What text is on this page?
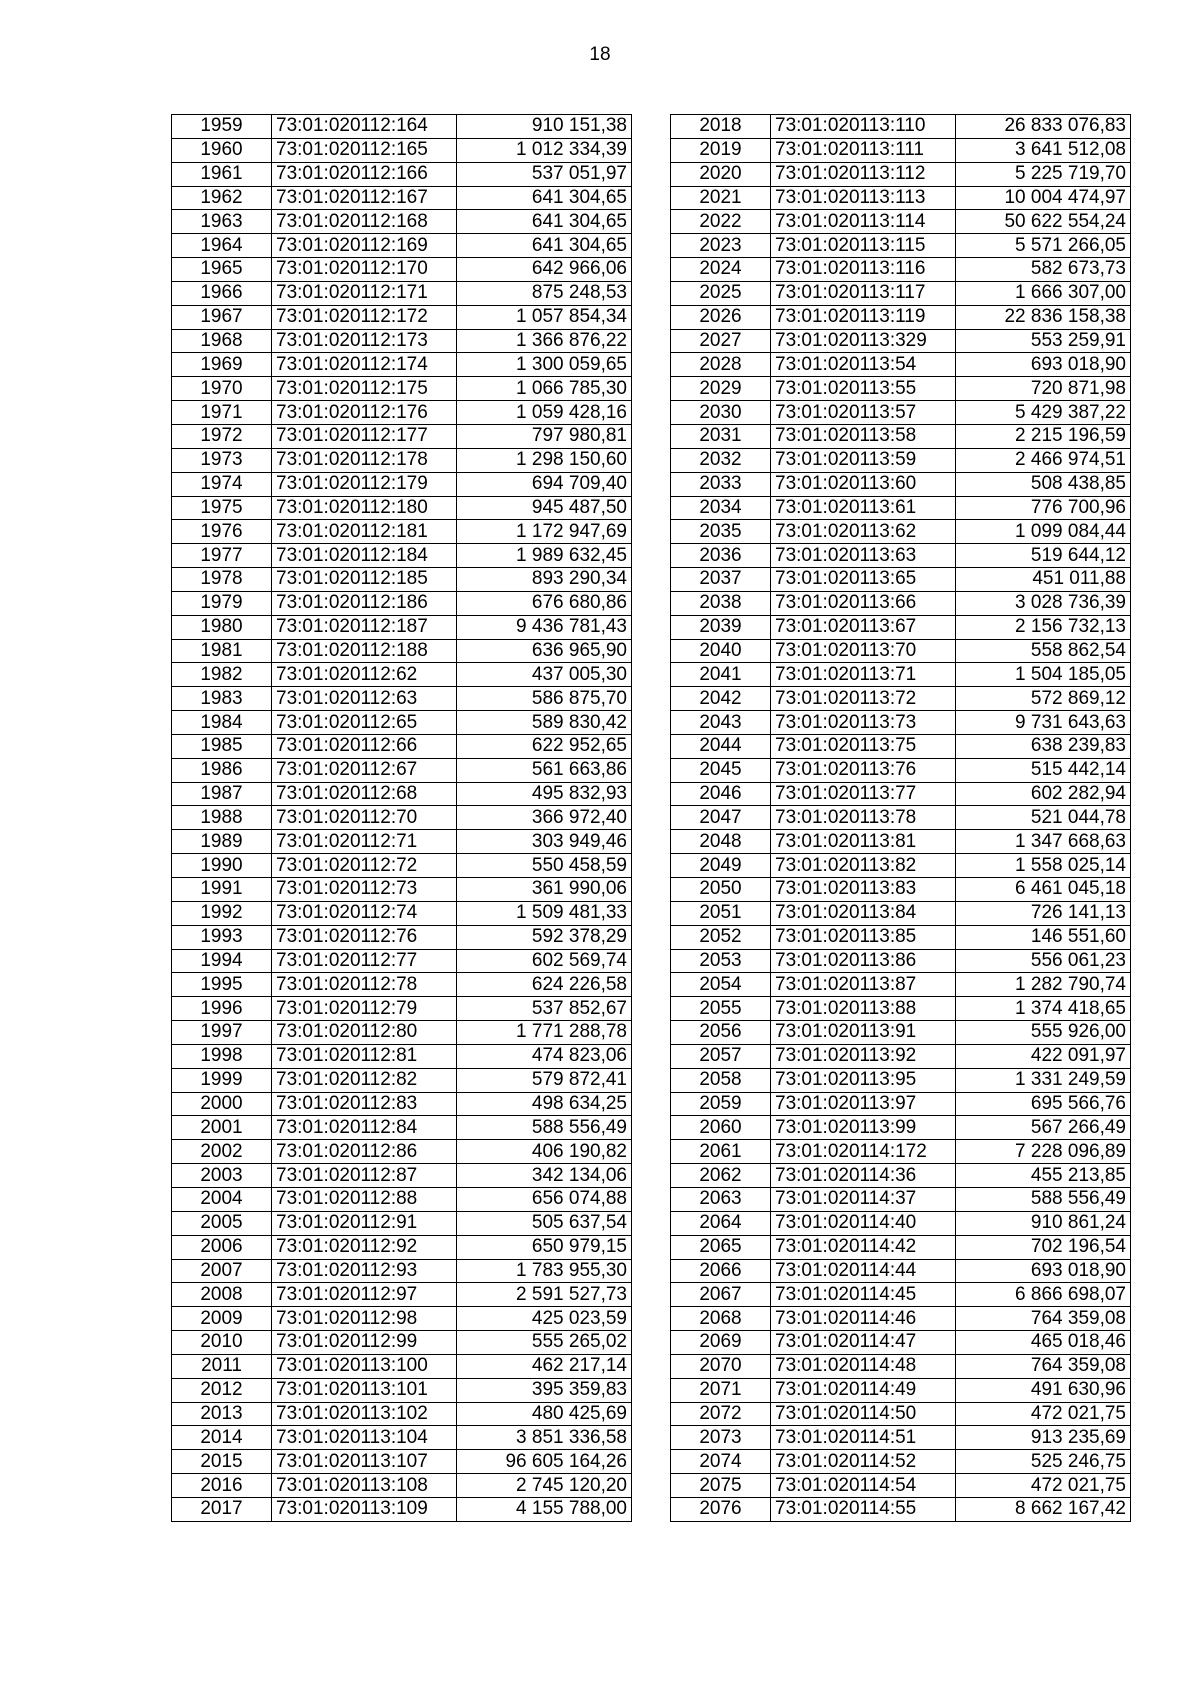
18
1959	73:01:020112:164	910 151,38
1960	73:01:020112:165	1 012 334,39
1961	73:01:020112:166	537 051,97
1962	73:01:020112:167	641 304,65
1963	73:01:020112:168	641 304,65
1964	73:01:020112:169	641 304,65
1965	73:01:020112:170	642 966,06
1966	73:01:020112:171	875 248,53
1967	73:01:020112:172	1 057 854,34
1968	73:01:020112:173	1 366 876,22
1969	73:01:020112:174	1 300 059,65
1970	73:01:020112:175	1 066 785,30
1971	73:01:020112:176	1 059 428,16
1972	73:01:020112:177	797 980,81
1973	73:01:020112:178	1 298 150,60
1974	73:01:020112:179	694 709,40
1975	73:01:020112:180	945 487,50
1976	73:01:020112:181	1 172 947,69
1977	73:01:020112:184	1 989 632,45
1978	73:01:020112:185	893 290,34
1979	73:01:020112:186	676 680,86
1980	73:01:020112:187	9 436 781,43
1981	73:01:020112:188	636 965,90
1982	73:01:020112:62	437 005,30
1983	73:01:020112:63	586 875,70
1984	73:01:020112:65	589 830,42
1985	73:01:020112:66	622 952,65
1986	73:01:020112:67	561 663,86
1987	73:01:020112:68	495 832,93
1988	73:01:020112:70	366 972,40
1989	73:01:020112:71	303 949,46
1990	73:01:020112:72	550 458,59
1991	73:01:020112:73	361 990,06
1992	73:01:020112:74	1 509 481,33
1993	73:01:020112:76	592 378,29
1994	73:01:020112:77	602 569,74
1995	73:01:020112:78	624 226,58
1996	73:01:020112:79	537 852,67
1997	73:01:020112:80	1 771 288,78
1998	73:01:020112:81	474 823,06
1999	73:01:020112:82	579 872,41
2000	73:01:020112:83	498 634,25
2001	73:01:020112:84	588 556,49
2002	73:01:020112:86	406 190,82
2003	73:01:020112:87	342 134,06
2004	73:01:020112:88	656 074,88
2005	73:01:020112:91	505 637,54
2006	73:01:020112:92	650 979,15
2007	73:01:020112:93	1 783 955,30
2008	73:01:020112:97	2 591 527,73
2009	73:01:020112:98	425 023,59
2010	73:01:020112:99	555 265,02
2011	73:01:020113:100	462 217,14
2012	73:01:020113:101	395 359,83
2013	73:01:020113:102	480 425,69
2014	73:01:020113:104	3 851 336,58
2015	73:01:020113:107	96 605 164,26
2016	73:01:020113:108	2 745 120,20
2017	73:01:020113:109	4 155 788,00
2018	73:01:020113:110	26 833 076,83
2019	73:01:020113:111	3 641 512,08
2020	73:01:020113:112	5 225 719,70
2021	73:01:020113:113	10 004 474,97
2022	73:01:020113:114	50 622 554,24
2023	73:01:020113:115	5 571 266,05
2024	73:01:020113:116	582 673,73
2025	73:01:020113:117	1 666 307,00
2026	73:01:020113:119	22 836 158,38
2027	73:01:020113:329	553 259,91
2028	73:01:020113:54	693 018,90
2029	73:01:020113:55	720 871,98
2030	73:01:020113:57	5 429 387,22
2031	73:01:020113:58	2 215 196,59
2032	73:01:020113:59	2 466 974,51
2033	73:01:020113:60	508 438,85
2034	73:01:020113:61	776 700,96
2035	73:01:020113:62	1 099 084,44
2036	73:01:020113:63	519 644,12
2037	73:01:020113:65	451 011,88
2038	73:01:020113:66	3 028 736,39
2039	73:01:020113:67	2 156 732,13
2040	73:01:020113:70	558 862,54
2041	73:01:020113:71	1 504 185,05
2042	73:01:020113:72	572 869,12
2043	73:01:020113:73	9 731 643,63
2044	73:01:020113:75	638 239,83
2045	73:01:020113:76	515 442,14
2046	73:01:020113:77	602 282,94
2047	73:01:020113:78	521 044,78
2048	73:01:020113:81	1 347 668,63
2049	73:01:020113:82	1 558 025,14
2050	73:01:020113:83	6 461 045,18
2051	73:01:020113:84	726 141,13
2052	73:01:020113:85	146 551,60
2053	73:01:020113:86	556 061,23
2054	73:01:020113:87	1 282 790,74
2055	73:01:020113:88	1 374 418,65
2056	73:01:020113:91	555 926,00
2057	73:01:020113:92	422 091,97
2058	73:01:020113:95	1 331 249,59
2059	73:01:020113:97	695 566,76
2060	73:01:020113:99	567 266,49
2061	73:01:020114:172	7 228 096,89
2062	73:01:020114:36	455 213,85
2063	73:01:020114:37	588 556,49
2064	73:01:020114:40	910 861,24
2065	73:01:020114:42	702 196,54
2066	73:01:020114:44	693 018,90
2067	73:01:020114:45	6 866 698,07
2068	73:01:020114:46	764 359,08
2069	73:01:020114:47	465 018,46
2070	73:01:020114:48	764 359,08
2071	73:01:020114:49	491 630,96
2072	73:01:020114:50	472 021,75
2073	73:01:020114:51	913 235,69
2074	73:01:020114:52	525 246,75
2075	73:01:020114:54	472 021,75
2076	73:01:020114:55	8 662 167,42
